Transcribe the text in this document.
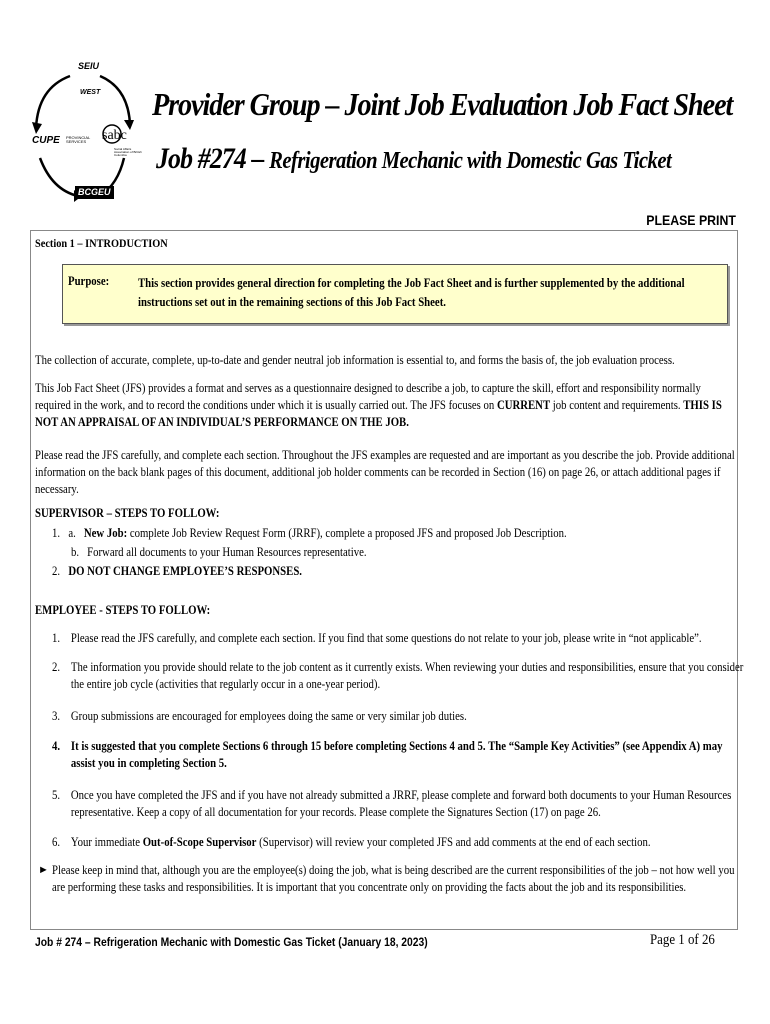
SEIU
WEST
CUPE PROVINCIAL SERVICES sabc
Social Affairs Association of British Columbia
BCGEU
Provider Group – Joint Job Evaluation Job Fact Sheet
Job #274 – Refrigeration Mechanic with Domestic Gas Ticket
PLEASE PRINT
Section 1 – INTRODUCTION
Purpose: This section provides general direction for completing the Job Fact Sheet and is further supplemented by the additional instructions set out in the remaining sections of this Job Fact Sheet.
The collection of accurate, complete, up-to-date and gender neutral job information is essential to, and forms the basis of, the job evaluation process.
This Job Fact Sheet (JFS) provides a format and serves as a questionnaire designed to describe a job, to capture the skill, effort and responsibility normally required in the work, and to record the conditions under which it is usually carried out. The JFS focuses on CURRENT job content and requirements. THIS IS NOT AN APPRAISAL OF AN INDIVIDUAL’S PERFORMANCE ON THE JOB.
Please read the JFS carefully, and complete each section. Throughout the JFS examples are requested and are important as you describe the job. Provide additional information on the back blank pages of this document, additional job holder comments can be recorded in Section (16) on page 26, or attach additional pages if necessary.
SUPERVISOR – STEPS TO FOLLOW:
1. a. New Job: complete Job Review Request Form (JRRF), complete a proposed JFS and proposed Job Description.
b. Forward all documents to your Human Resources representative.
2. DO NOT CHANGE EMPLOYEE’S RESPONSES.
EMPLOYEE - STEPS TO FOLLOW:
1. Please read the JFS carefully, and complete each section. If you find that some questions do not relate to your job, please write in “not applicable”.
2. The information you provide should relate to the job content as it currently exists. When reviewing your duties and responsibilities, ensure that you consider the entire job cycle (activities that regularly occur in a one-year period).
3. Group submissions are encouraged for employees doing the same or very similar job duties.
4. It is suggested that you complete Sections 6 through 15 before completing Sections 4 and 5. The “Sample Key Activities” (see Appendix A) may assist you in completing Section 5.
5. Once you have completed the JFS and if you have not already submitted a JRRF, please complete and forward both documents to your Human Resources representative. Keep a copy of all documentation for your records. Please complete the Signatures Section (17) on page 26.
6. Your immediate Out-of-Scope Supervisor (Supervisor) will review your completed JFS and add comments at the end of each section.
► Please keep in mind that, although you are the employee(s) doing the job, what is being described are the current responsibilities of the job – not how well you are performing these tasks and responsibilities. It is important that you concentrate only on providing the facts about the job and its responsibilities.
Job # 274 – Refrigeration Mechanic with Domestic Gas Ticket (January 18, 2023)	Page 1 of 26
